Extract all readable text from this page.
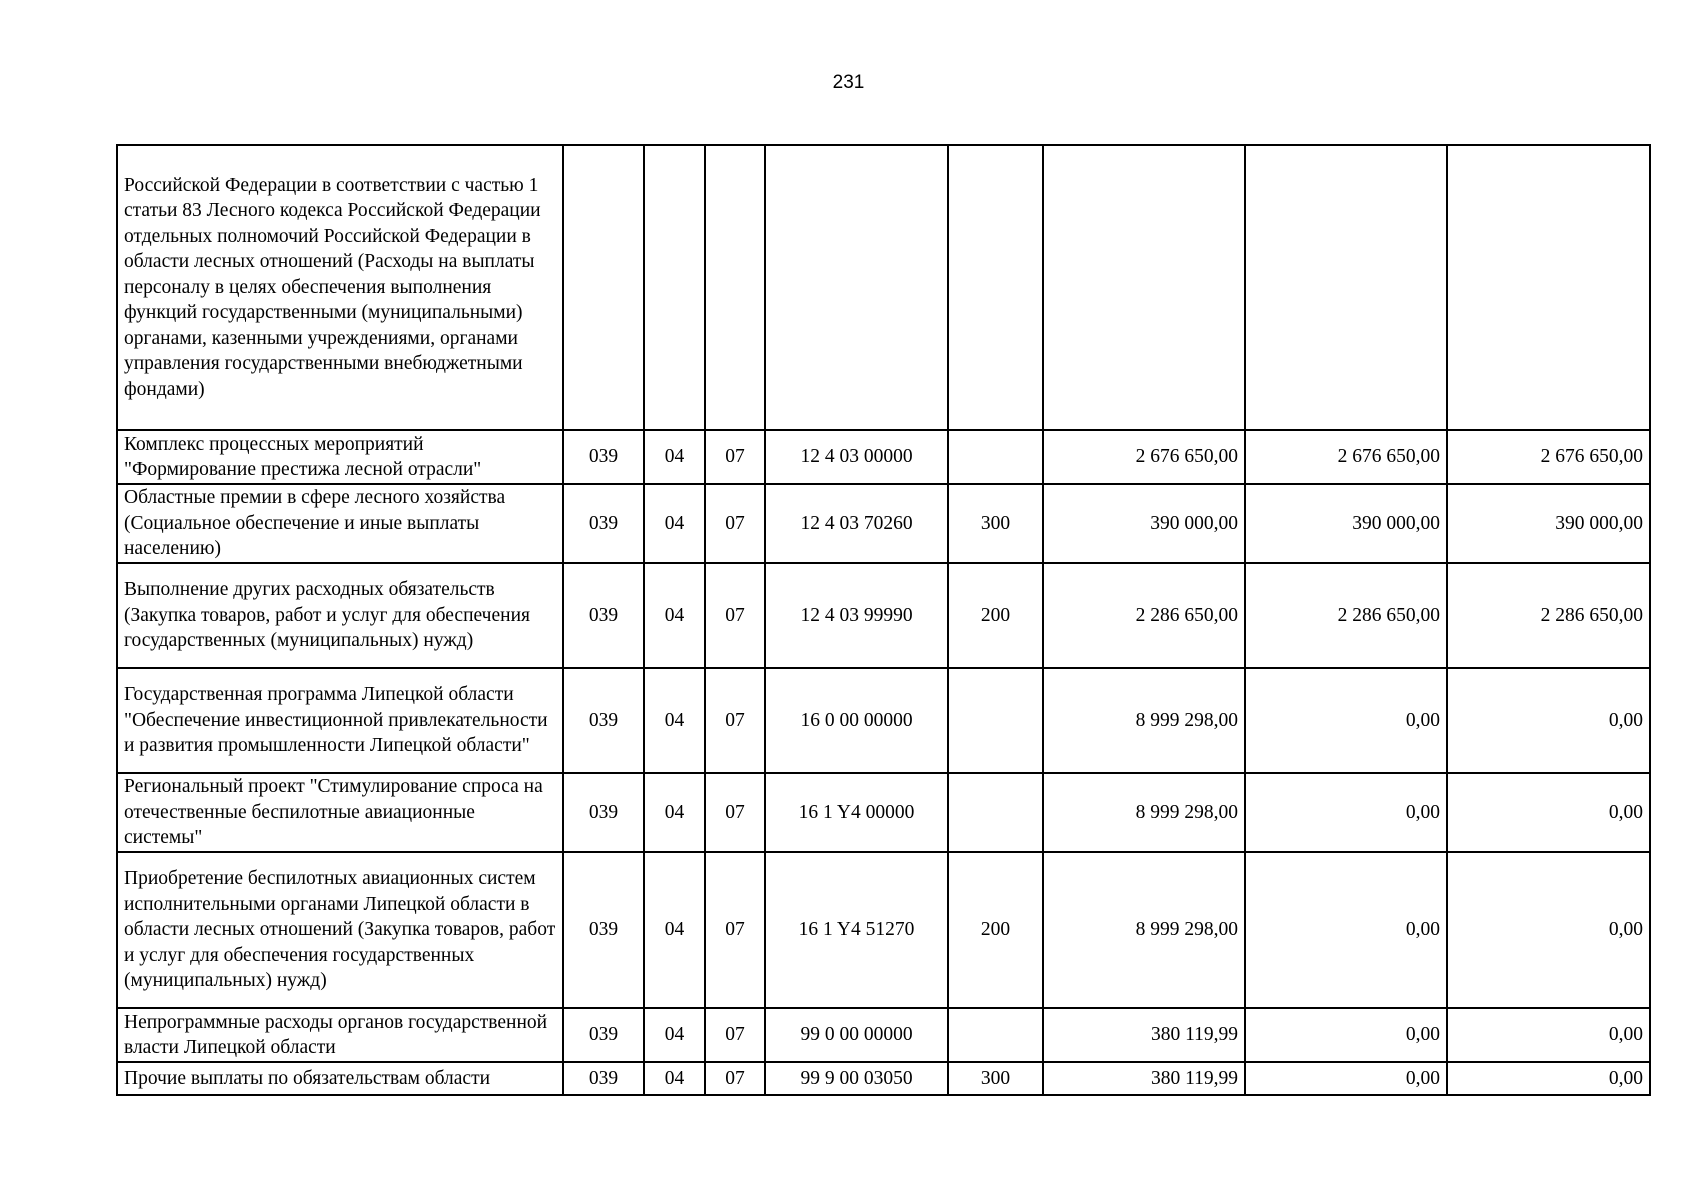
231
Российской Федерации в соответствии с частью 1 статьи 83 Лесного кодекса Российской Федерации отдельных полномочий Российской Федерации в области лесных отношений (Расходы на выплаты персоналу в целях обеспечения выполнения функций государственными (муниципальными) органами, казенными учреждениями, органами управления государственными внебюджетными фондами)								
Комплекс процессных мероприятий "Формирование престижа лесной отрасли"	039	04	07	12 4 03 00000		2 676 650,00	2 676 650,00	2 676 650,00
Областные премии в сфере лесного хозяйства (Социальное обеспечение и иные выплаты населению)	039	04	07	12 4 03 70260	300	390 000,00	390 000,00	390 000,00
Выполнение других расходных обязательств (Закупка товаров, работ и услуг для обеспечения государственных (муниципальных) нужд)	039	04	07	12 4 03 99990	200	2 286 650,00	2 286 650,00	2 286 650,00
Государственная программа Липецкой области "Обеспечение инвестиционной привлекательности и развития промышленности Липецкой области"	039	04	07	16 0 00 00000		8 999 298,00	0,00	0,00
Региональный проект "Стимулирование спроса на отечественные беспилотные авиационные системы"	039	04	07	16 1 Y4 00000		8 999 298,00	0,00	0,00
Приобретение беспилотных авиационных систем исполнительными органами Липецкой области в области лесных отношений (Закупка товаров, работ и услуг для обеспечения государственных (муниципальных) нужд)	039	04	07	16 1 Y4 51270	200	8 999 298,00	0,00	0,00
Непрограммные расходы органов государственной власти Липецкой области	039	04	07	99 0 00 00000		380 119,99	0,00	0,00
Прочие выплаты по обязательствам области	039	04	07	99 9 00 03050	300	380 119,99	0,00	0,00
